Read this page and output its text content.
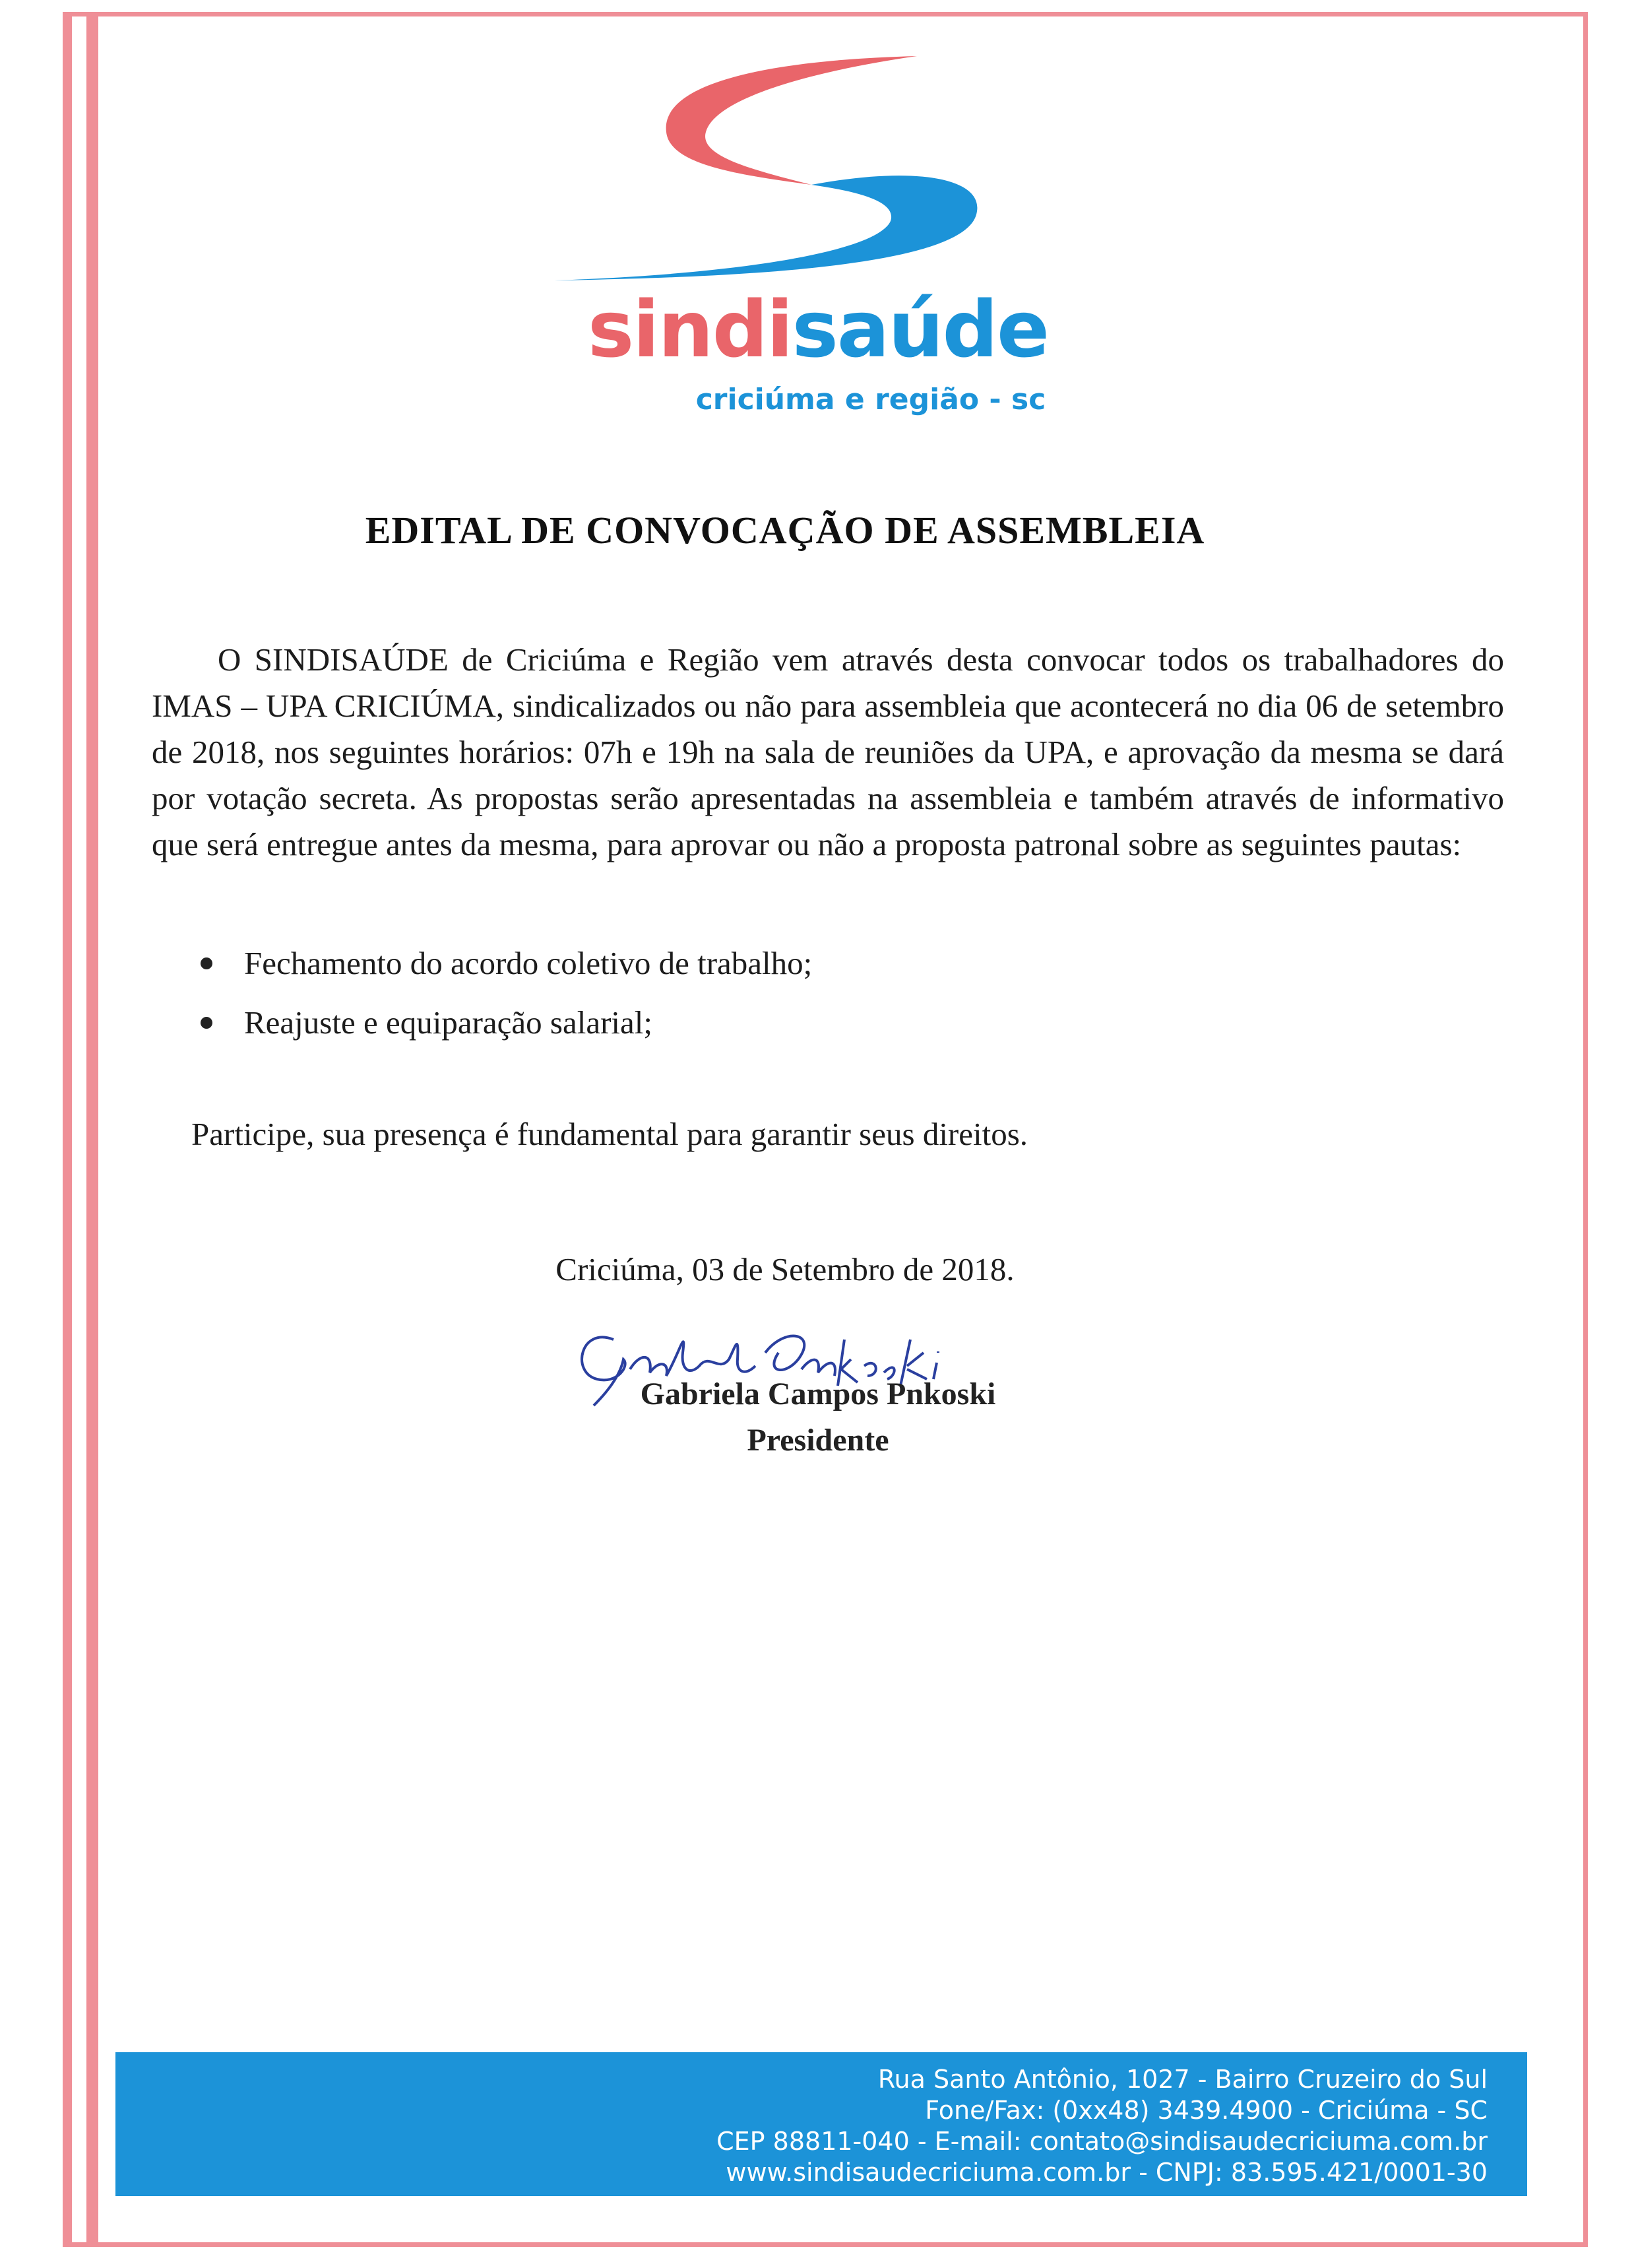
sindisaúde
criciúma e região - sc
EDITAL DE CONVOCAÇÃO DE ASSEMBLEIA
O SINDISAÚDE de Criciúma e Região vem através desta convocar todos os trabalhadores do IMAS – UPA CRICIÚMA, sindicalizados ou não para assembleia que acontecerá no dia 06 de setembro de 2018, nos seguintes horários: 07h e 19h na sala de reuniões da UPA, e aprovação da mesma se dará por votação secreta. As propostas serão apresentadas na assembleia e também através de informativo que será entregue antes da mesma, para aprovar ou não a proposta patronal sobre as seguintes pautas:
Fechamento do acordo coletivo de trabalho;
Reajuste e equiparação salarial;
Participe, sua presença é fundamental para garantir seus direitos.
Criciúma, 03 de Setembro de 2018.
Gabriela Campos Pnkoski
Presidente
Rua Santo Antônio, 1027 - Bairro Cruzeiro do Sul
Fone/Fax: (0xx48) 3439.4900 - Criciúma - SC
CEP 88811-040 - E-mail: contato@sindisaudecriciuma.com.br
www.sindisaudecriciuma.com.br - CNPJ: 83.595.421/0001-30
